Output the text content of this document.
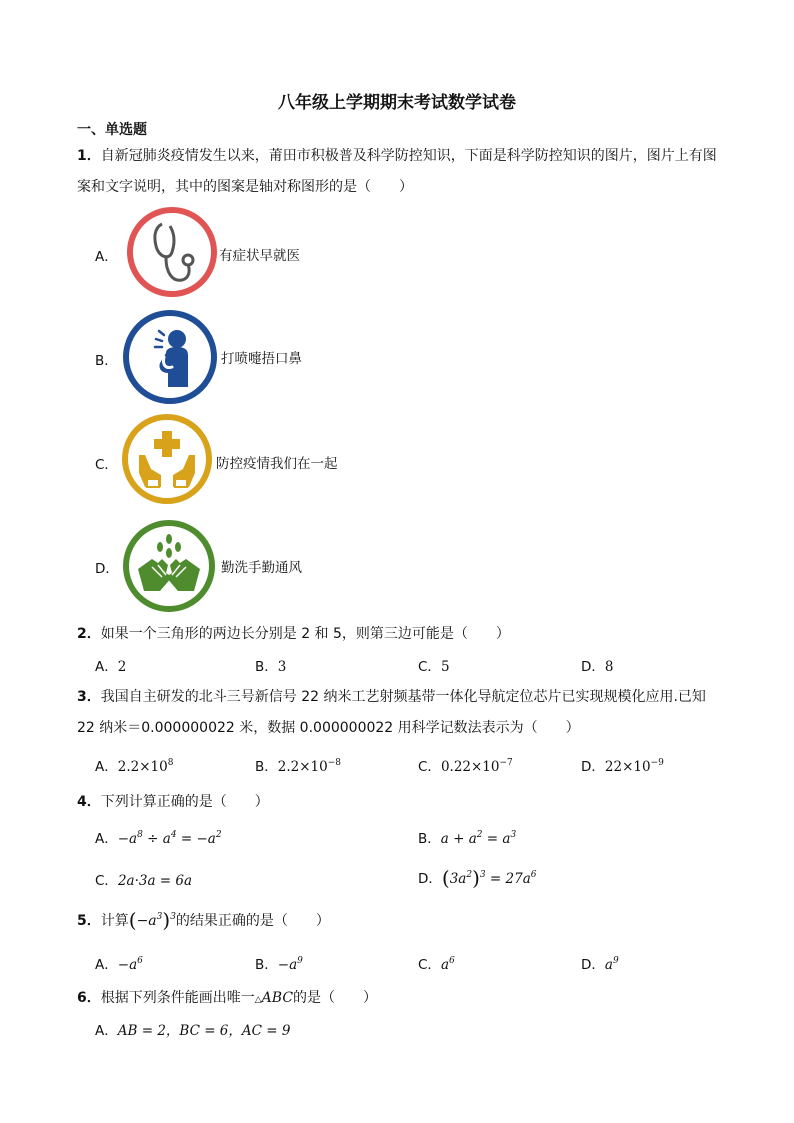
八年级上学期期末考试数学试卷
一、单选题
1．自新冠肺炎疫情发生以来，莆田市积极普及科学防控知识，下面是科学防控知识的图片，图片上有图
案和文字说明，其中的图案是轴对称图形的是（　　）
A．	有症状早就医
B．	打喷嚏捂口鼻
C．	防控疫情我们在一起
D．	勤洗手勤通风
2．如果一个三角形的两边长分别是 2 和 5，则第三边可能是（　　）
A．2	B．3	C．5	D．8
3．我国自主研发的北斗三号新信号 22 纳米工艺射频基带一体化导航定位芯片已实现规模化应用.已知
22 纳米＝0.000000022 米，数据 0.000000022 用科学记数法表示为（　　）
A．$2.2\times 10^8$	B．$2.2\times 10^{-8}$	C．$0.22\times 10^{-7}$	D．$22\times 10^{-9}$
4．下列计算正确的是（　　）
A．$-a^8 \div a^4 = -a^2$	B．$a + a^2 = a^3$
C．2a·3a = 6a	D．$(3a^2)^3 = 27a^6$
5．计算$(-a^3)^3$的结果正确的是（　　）
A．$-a^6$	B．$-a^9$	C．$a^6$	D．$a^9$
6．根据下列条件能画出唯一△ABC的是（　　）
A．AB = 2，BC = 6，AC = 9
